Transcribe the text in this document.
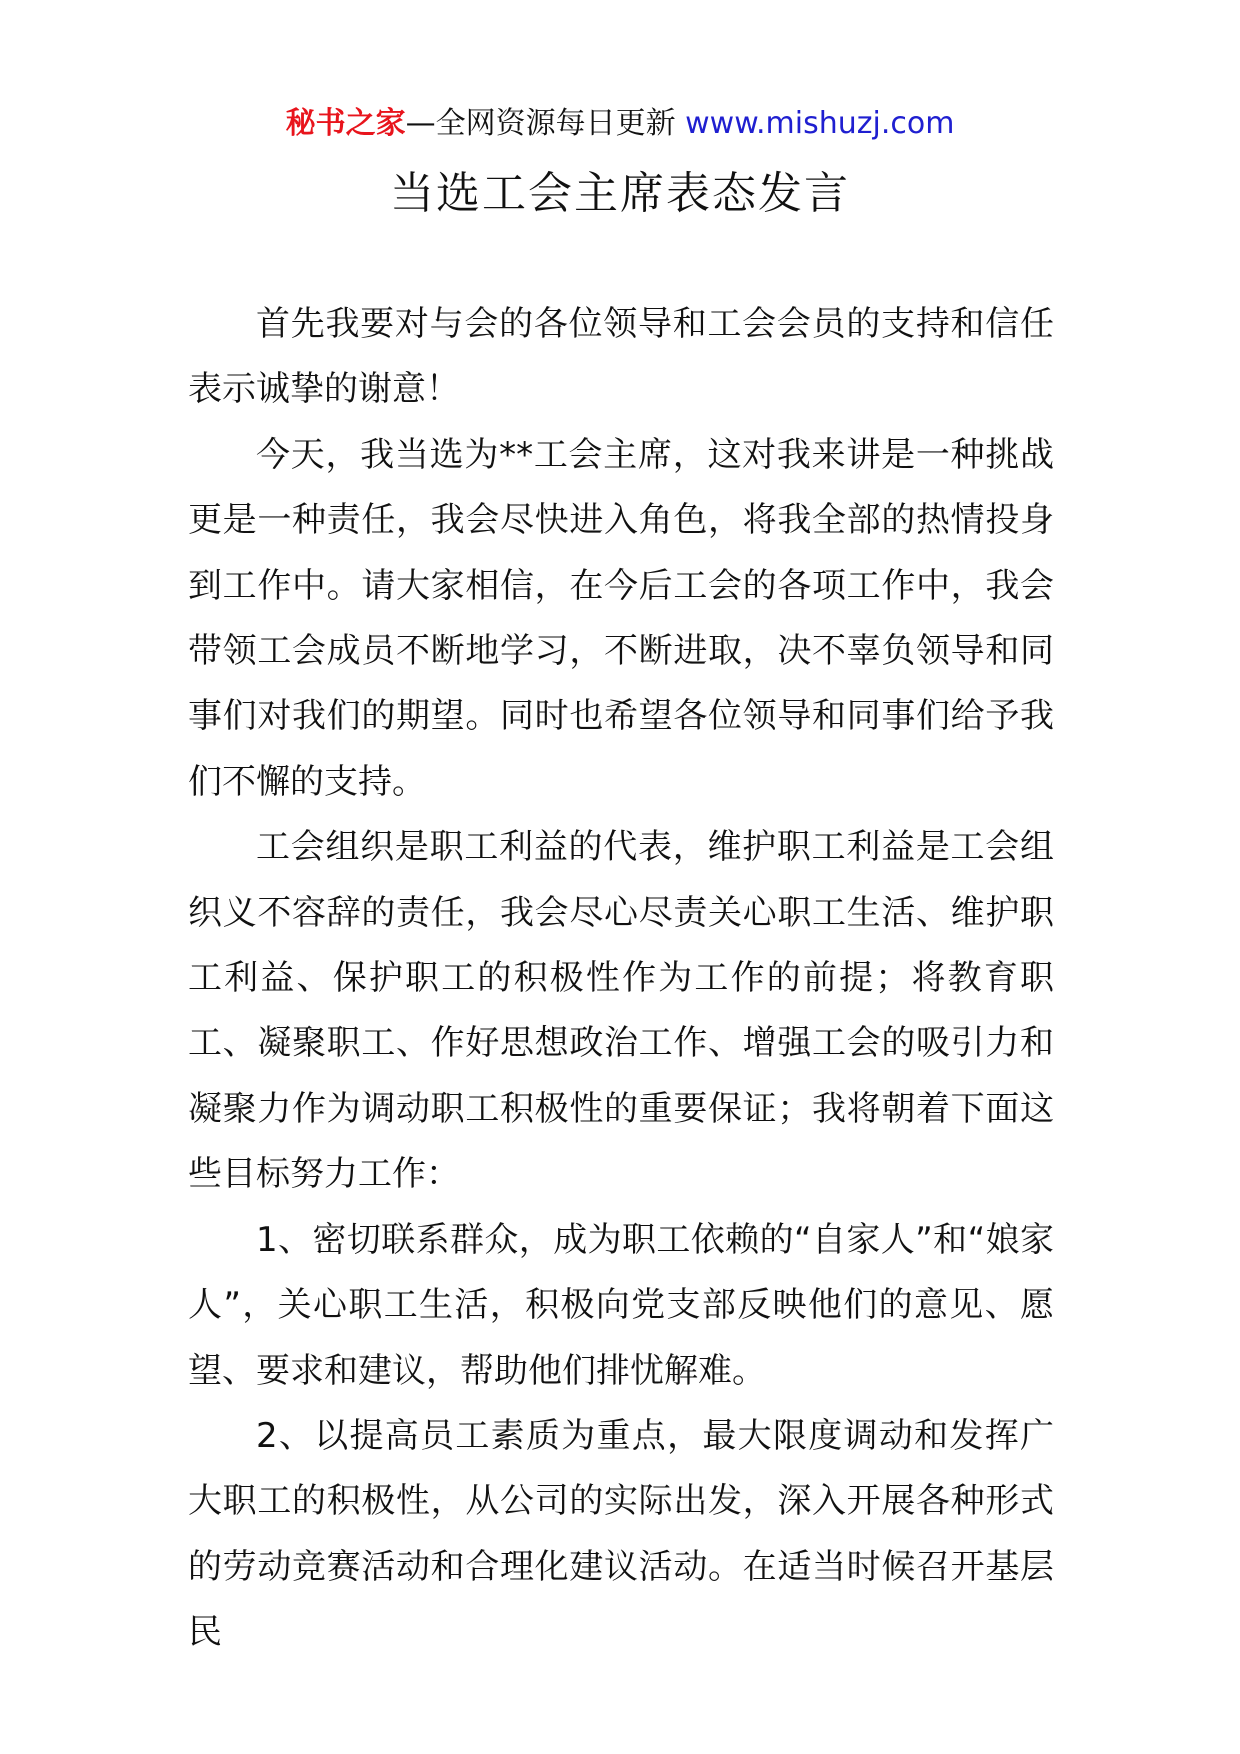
秘书之家—全网资源每日更新 www.mishuzj.com
当选工会主席表态发言

首先我要对与会的各位领导和工会会员的支持和信任表示诚挚的谢意！

今天，我当选为**工会主席，这对我来讲是一种挑战更是一种责任，我会尽快进入角色，将我全部的热情投身到工作中。请大家相信，在今后工会的各项工作中，我会带领工会成员不断地学习，不断进取，决不辜负领导和同事们对我们的期望。同时也希望各位领导和同事们给予我们不懈的支持。

工会组织是职工利益的代表，维护职工利益是工会组织义不容辞的责任，我会尽心尽责关心职工生活、维护职工利益、保护职工的积极性作为工作的前提；将教育职工、凝聚职工、作好思想政治工作、增强工会的吸引力和凝聚力作为调动职工积极性的重要保证；我将朝着下面这些目标努力工作：

1、密切联系群众，成为职工依赖的“自家人”和“娘家人”，关心职工生活，积极向党支部反映他们的意见、愿望、要求和建议，帮助他们排忧解难。

2、以提高员工素质为重点，最大限度调动和发挥广大职工的积极性，从公司的实际出发，深入开展各种形式的劳动竞赛活动和合理化建议活动。在适当时候召开基层民
